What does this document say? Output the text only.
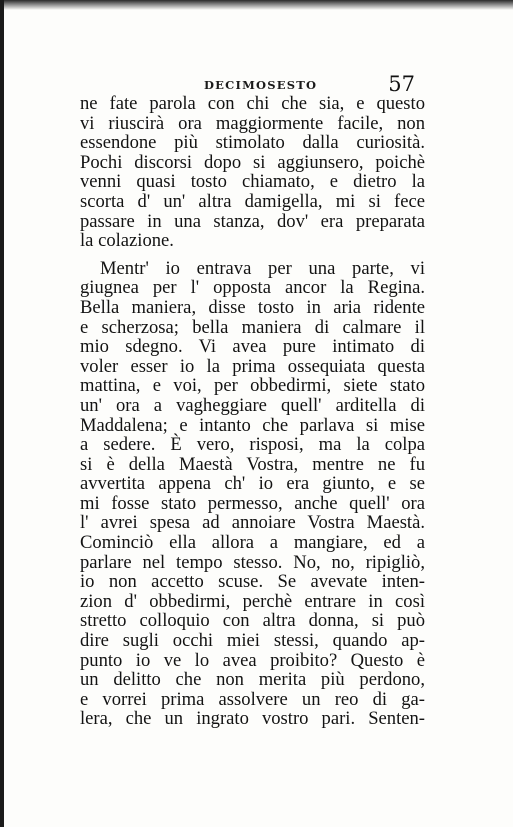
DECIMOSESTO	57
ne fate parola con chi che sia, e questo
vi riuscirà ora maggiormente facile, non
essendone più stimolato dalla curiosità.
Pochi discorsi dopo si aggiunsero, poichè
venni quasi tosto chiamato, e dietro la
scorta d' un' altra damigella, mi si fece
passare in una stanza, dov' era preparata
la colazione.
Mentr' io entrava per una parte, vi
giugnea per l' opposta ancor la Regina.
Bella maniera, disse tosto in aria ridente
e scherzosa; bella maniera di calmare il
mio sdegno. Vi avea pure intimato di
voler esser io la prima ossequiata questa
mattina, e voi, per obbedirmi, siete stato
un' ora a vagheggiare quell' arditella di
Maddalena; e intanto che parlava si mise
a sedere. È vero, risposi, ma la colpa
si è della Maestà Vostra, mentre ne fu
avvertita appena ch' io era giunto, e se
mi fosse stato permesso, anche quell' ora
l' avrei spesa ad annoiare Vostra Maestà.
Cominciò ella allora a mangiare, ed a
parlare nel tempo stesso. No, no, ripigliò,
io non accetto scuse. Se avevate inten-
zion d' obbedirmi, perchè entrare in così
stretto colloquio con altra donna, si può
dire sugli occhi miei stessi, quando ap-
punto io ve lo avea proibito? Questo è
un delitto che non merita più perdono,
e vorrei prima assolvere un reo di ga-
lera, che un ingrato vostro pari. Senten-
